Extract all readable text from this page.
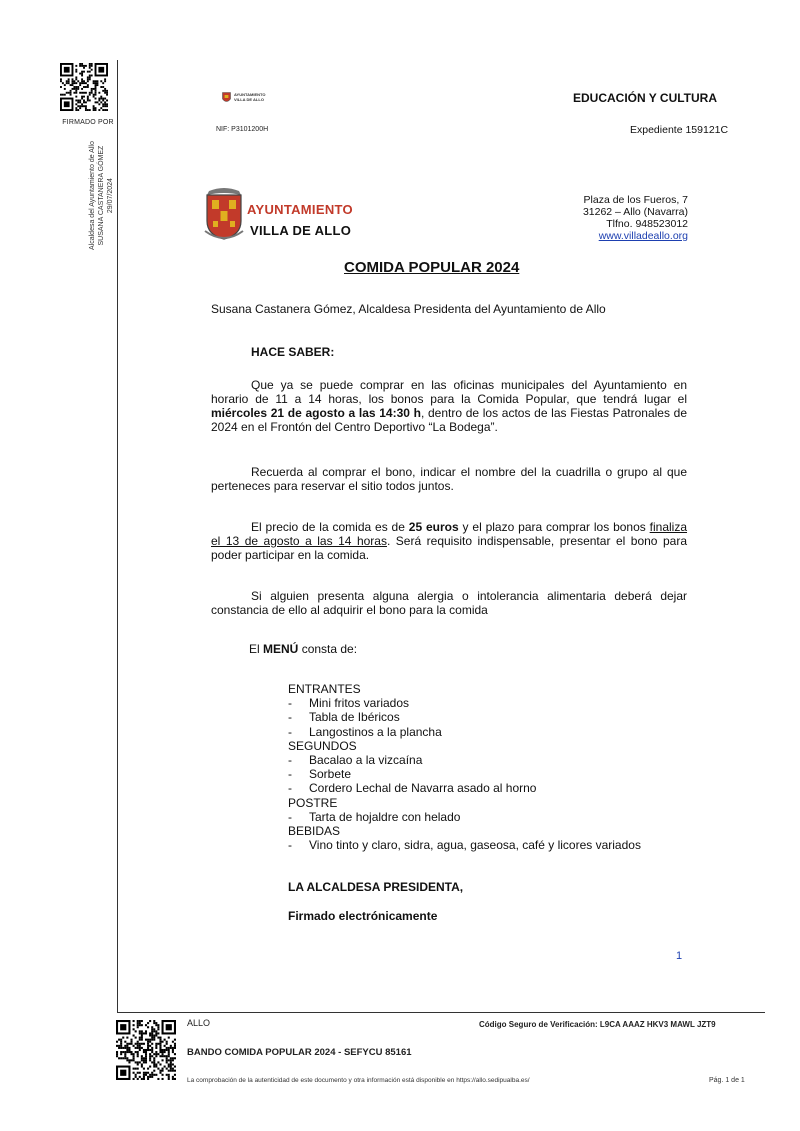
FIRMADO POR
Alcaldesa del Ayuntamiento de Allo SUSANA CASTANERA GÓMEZ 29/07/2024
AYUNTAMIENTO
VILLA DE ALLO
NIF: P3101200H
EDUCACIÓN Y CULTURA
Expediente 159121C
AYUNTAMIENTO
VILLA DE ALLO
Plaza de los Fueros, 7
31262 – Allo (Navarra)
Tlfno. 948523012
www.villadeallo.org
COMIDA POPULAR 2024
Susana Castanera Gómez, Alcaldesa Presidenta del Ayuntamiento de Allo
HACE SABER:
Que ya se puede comprar en las oficinas municipales del Ayuntamiento en horario de 11 a 14 horas, los bonos para la Comida Popular, que tendrá lugar el miércoles 21 de agosto a las 14:30 h, dentro de los actos de las Fiestas Patronales de 2024 en el Frontón del Centro Deportivo “La Bodega”.
Recuerda al comprar el bono, indicar el nombre del la cuadrilla o grupo al que perteneces para reservar el sitio todos juntos.
El precio de la comida es de 25 euros y el plazo para comprar los bonos finaliza el 13 de agosto a las 14 horas. Será requisito indispensable, presentar el bono para poder participar en la comida.
Si alguien presenta alguna alergia o intolerancia alimentaria deberá dejar constancia de ello al adquirir el bono para la comida
El MENÚ consta de:
ENTRANTES
-	Mini fritos variados
-	Tabla de Ibéricos
-	Langostinos a la plancha
SEGUNDOS
-	Bacalao a la vizcaína
-	Sorbete
-	Cordero Lechal de Navarra asado al horno
POSTRE
-	Tarta de hojaldre con helado
BEBIDAS
-	Vino tinto y claro, sidra, agua, gaseosa, café y licores variados
LA ALCALDESA PRESIDENTA,
Firmado electrónicamente
1
ALLO	Código Seguro de Verificación: L9CA AAAZ HKV3 MAWL JZT9
BANDO COMIDA POPULAR 2024 - SEFYCU 85161
La comprobación de la autenticidad de este documento y otra información está disponible en https://allo.sedipualba.es/	Pág. 1 de 1
